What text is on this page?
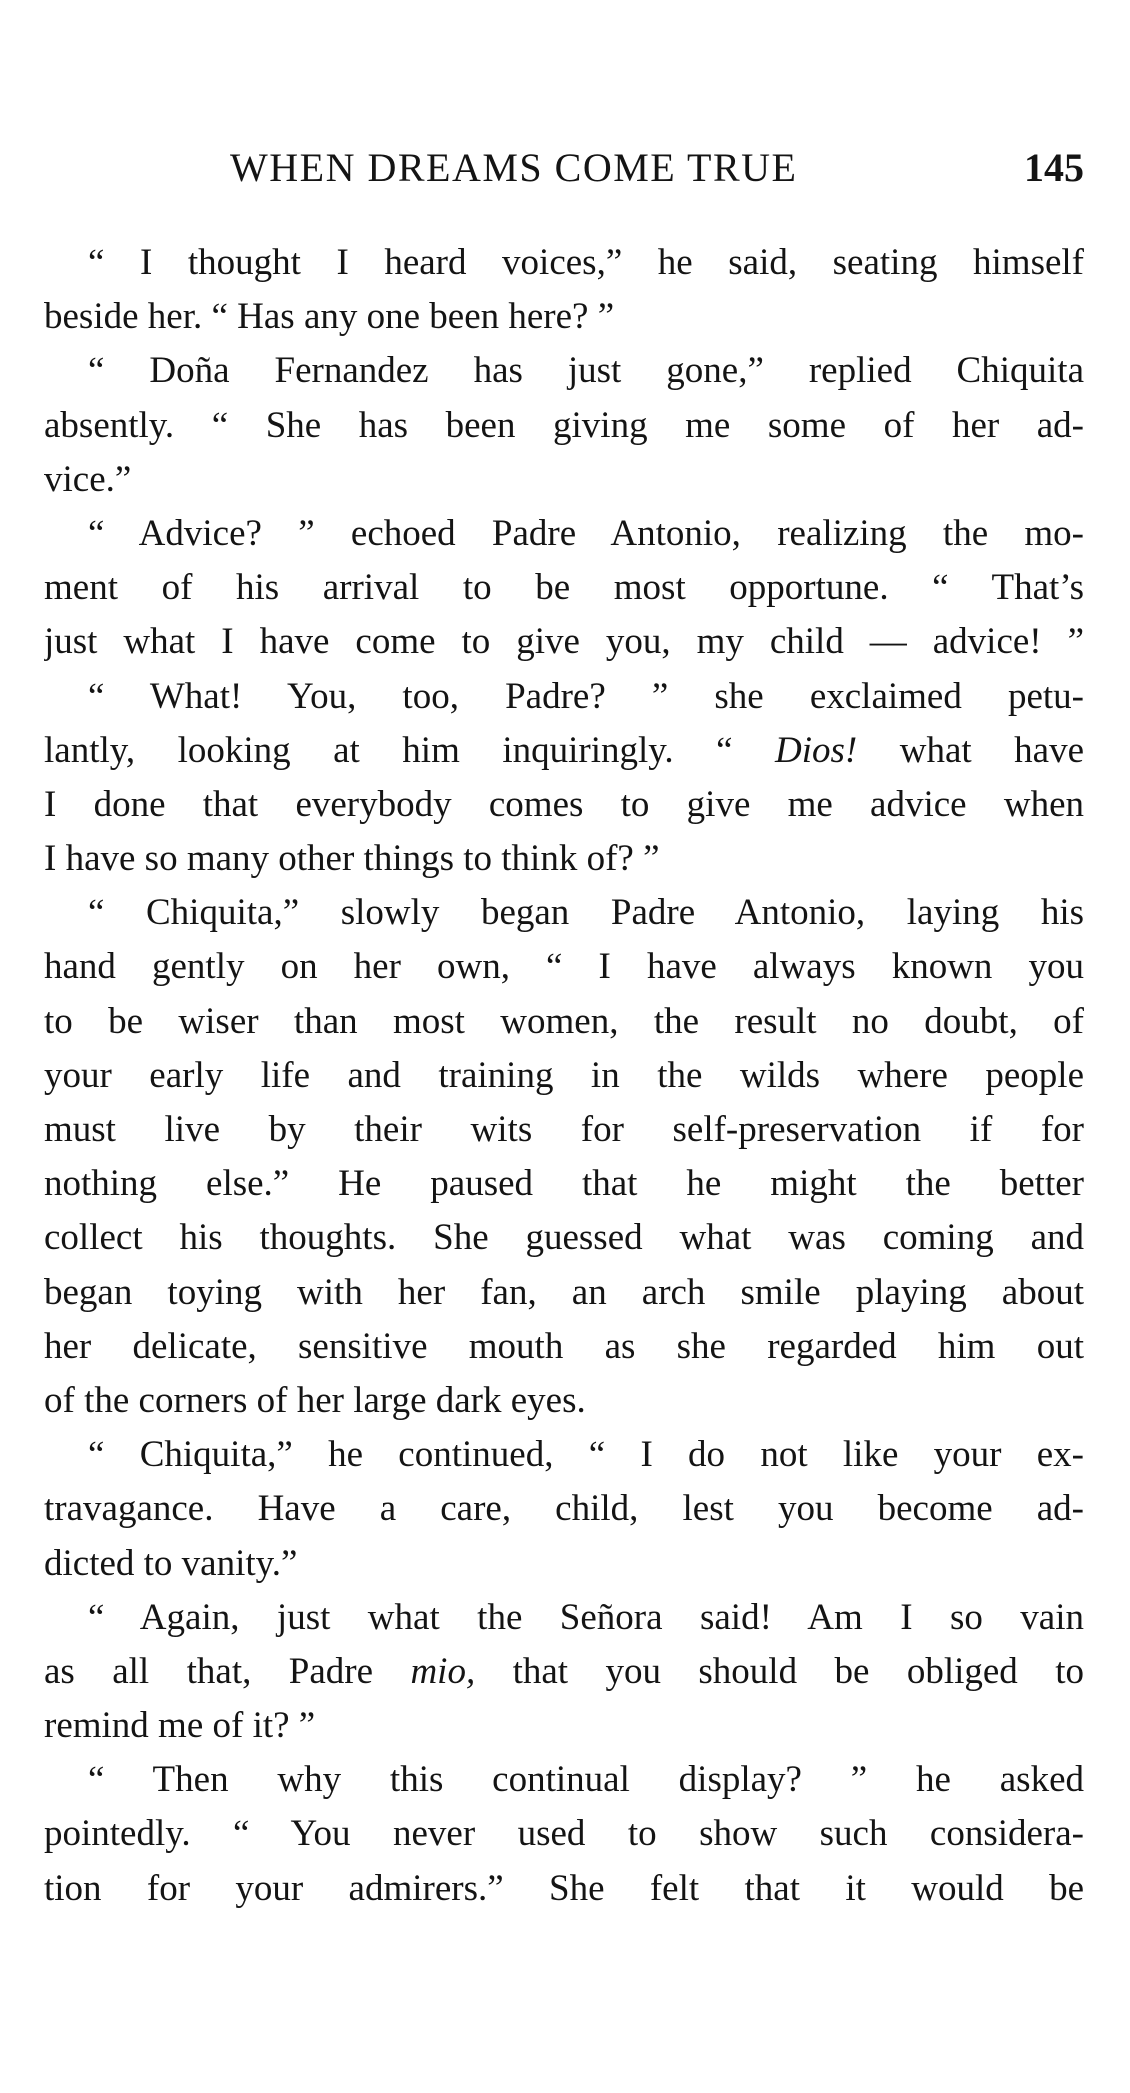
WHEN DREAMS COME TRUE	145
“ I thought I heard voices,” he said, seating himself
beside her. “ Has any one been here? ”
“ Doña Fernandez has just gone,” replied Chiquita
absently. “ She has been giving me some of her ad-
vice.”
“ Advice? ” echoed Padre Antonio, realizing the mo-
ment of his arrival to be most opportune. “ That’s
just what I have come to give you, my child — advice! ”
“ What! You, too, Padre? ” she exclaimed petu-
lantly, looking at him inquiringly. “ Dios! what have
I done that everybody comes to give me advice when
I have so many other things to think of? ”
“ Chiquita,” slowly began Padre Antonio, laying his
hand gently on her own, “ I have always known you
to be wiser than most women, the result no doubt, of
your early life and training in the wilds where people
must live by their wits for self-preservation if for
nothing else.” He paused that he might the better
collect his thoughts. She guessed what was coming and
began toying with her fan, an arch smile playing about
her delicate, sensitive mouth as she regarded him out
of the corners of her large dark eyes.
“ Chiquita,” he continued, “ I do not like your ex-
travagance. Have a care, child, lest you become ad-
dicted to vanity.”
“ Again, just what the Señora said! Am I so vain
as all that, Padre mio, that you should be obliged to
remind me of it? ”
“ Then why this continual display? ” he asked
pointedly. “ You never used to show such considera-
tion for your admirers.” She felt that it would be
